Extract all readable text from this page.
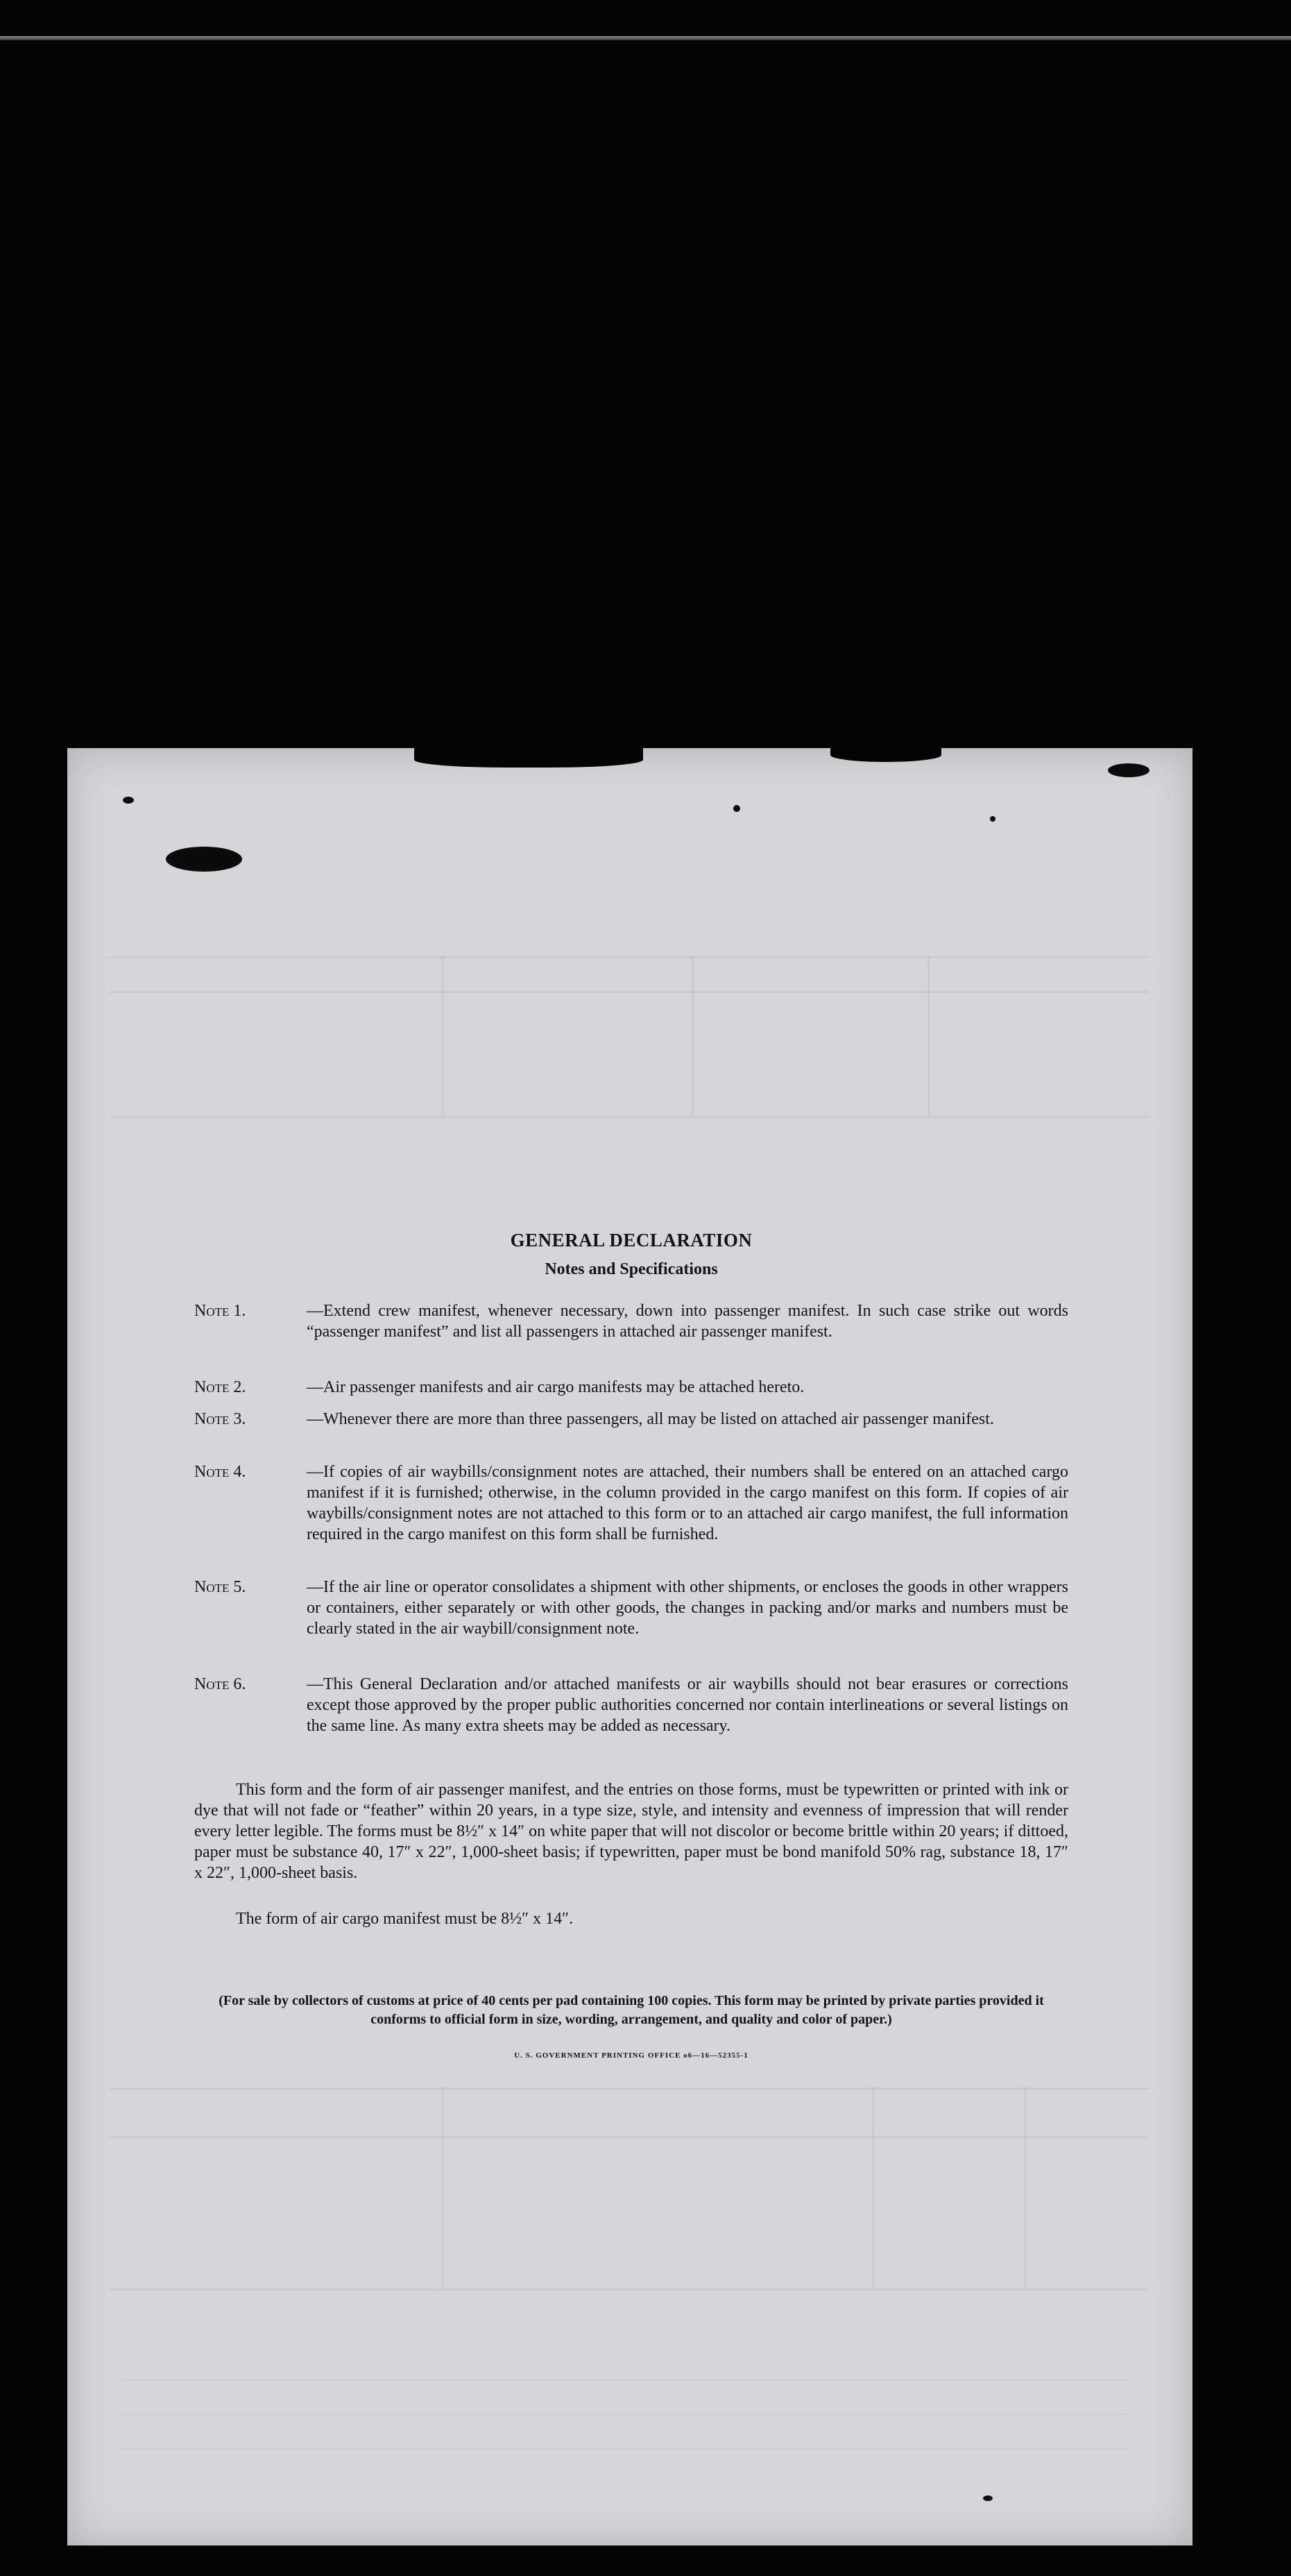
GENERAL DECLARATION
Notes and Specifications
Note 1.	—Extend crew manifest, whenever necessary, down into passenger manifest. In such case strike out words “passenger manifest” and list all passengers in attached air passenger manifest.
Note 2.	—Air passenger manifests and air cargo manifests may be attached hereto.
Note 3.	—Whenever there are more than three passengers, all may be listed on attached air passenger manifest.
Note 4.	—If copies of air waybills/consignment notes are attached, their numbers shall be entered on an attached cargo manifest if it is furnished; otherwise, in the column provided in the cargo manifest on this form. If copies of air waybills/consignment notes are not attached to this form or to an attached air cargo manifest, the full information required in the cargo manifest on this form shall be furnished.
Note 5.	—If the air line or operator consolidates a shipment with other shipments, or encloses the goods in other wrappers or containers, either separately or with other goods, the changes in packing and/or marks and numbers must be clearly stated in the air waybill/consignment note.
Note 6.	—This General Declaration and/or attached manifests or air waybills should not bear erasures or corrections except those approved by the proper public authorities concerned nor contain interlineations or several listings on the same line. As many extra sheets may be added as necessary.
This form and the form of air passenger manifest, and the entries on those forms, must be typewritten or printed with ink or dye that will not fade or “feather” within 20 years, in a type size, style, and intensity and evenness of impression that will render every letter legible. The forms must be 8½″ x 14″ on white paper that will not discolor or become brittle within 20 years; if dittoed, paper must be substance 40, 17″ x 22″, 1,000-sheet basis; if typewritten, paper must be bond manifold 50% rag, substance 18, 17″ x 22″, 1,000-sheet basis.
The form of air cargo manifest must be 8½″ x 14″.
(For sale by collectors of customs at price of 40 cents per pad containing 100 copies. This form may be printed by private parties provided it conforms to official form in size, wording, arrangement, and quality and color of paper.)
U. S. GOVERNMENT PRINTING OFFICE o6—16—52355-1
